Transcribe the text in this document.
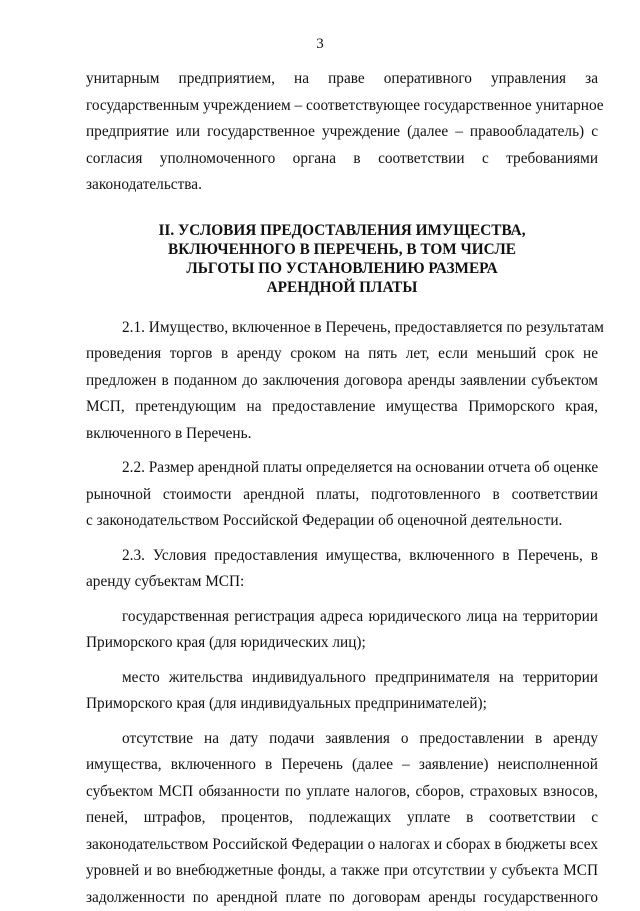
3
унитарным предприятием, на праве оперативного управления за
государственным учреждением – соответствующее государственное унитарное
предприятие или государственное учреждение (далее – правообладатель) с
согласия уполномоченного органа в соответствии с требованиями
законодательства.
II. УСЛОВИЯ ПРЕДОСТАВЛЕНИЯ ИМУЩЕСТВА,
ВКЛЮЧЕННОГО В ПЕРЕЧЕНЬ, В ТОМ ЧИСЛЕ
ЛЬГОТЫ ПО УСТАНОВЛЕНИЮ РАЗМЕРА
АРЕНДНОЙ ПЛАТЫ
2.1. Имущество, включенное в Перечень, предоставляется по результатам
проведения торгов в аренду сроком на пять лет, если меньший срок не
предложен в поданном до заключения договора аренды заявлении субъектом
МСП, претендующим на предоставление имущества Приморского края,
включенного в Перечень.
2.2. Размер арендной платы определяется на основании отчета об оценке
рыночной стоимости арендной платы, подготовленного в соответствии
с законодательством Российской Федерации об оценочной деятельности.
2.3. Условия предоставления имущества, включенного в Перечень, в
аренду субъектам МСП:
государственная регистрация адреса юридического лица на территории
Приморского края (для юридических лиц);
место жительства индивидуального предпринимателя на территории
Приморского края (для индивидуальных предпринимателей);
отсутствие на дату подачи заявления о предоставлении в аренду
имущества, включенного в Перечень (далее – заявление) неисполненной
субъектом МСП обязанности по уплате налогов, сборов, страховых взносов,
пеней, штрафов, процентов, подлежащих уплате в соответствии с
законодательством Российской Федерации о налогах и сборах в бюджеты всех
уровней и во внебюджетные фонды, а также при отсутствии у субъекта МСП
задолженности по арендной плате по договорам аренды государственного
